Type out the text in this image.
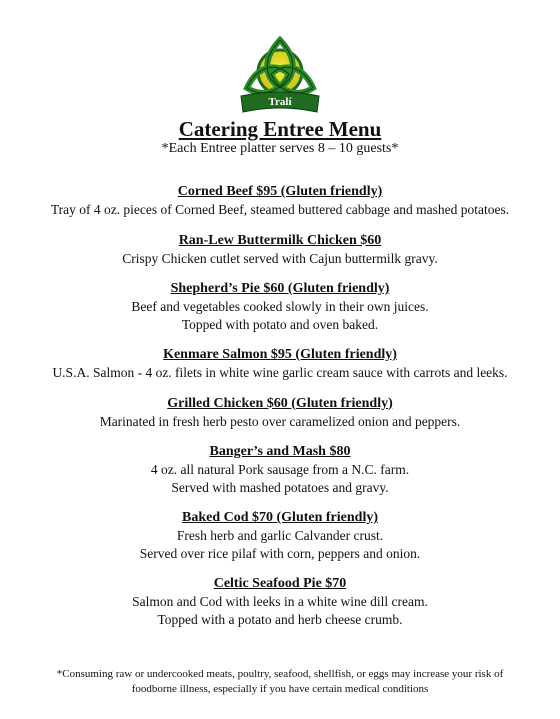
Tralí
Irish Pub
Catering Entree Menu
*Each Entree platter serves 8 – 10 guests*
Corned Beef $95 (Gluten friendly)
Tray of 4 oz. pieces of Corned Beef, steamed buttered cabbage and mashed potatoes.
Ran-Lew Buttermilk Chicken $60
Crispy Chicken cutlet served with Cajun buttermilk gravy.
Shepherd’s Pie $60 (Gluten friendly)
Beef and vegetables cooked slowly in their own juices.
Topped with potato and oven baked.
Kenmare Salmon $95 (Gluten friendly)
U.S.A. Salmon - 4 oz. filets in white wine garlic cream sauce with carrots and leeks.
Grilled Chicken $60 (Gluten friendly)
Marinated in fresh herb pesto over caramelized onion and peppers.
Banger’s and Mash $80
4 oz. all natural Pork sausage from a N.C. farm.
Served with mashed potatoes and gravy.
Baked Cod $70 (Gluten friendly)
Fresh herb and garlic Calvander crust.
Served over rice pilaf with corn, peppers and onion.
Celtic Seafood Pie $70
Salmon and Cod with leeks in a white wine dill cream.
Topped with a potato and herb cheese crumb.
*Consuming raw or undercooked meats, poultry, seafood, shellfish, or eggs may increase your risk of
foodborne illness, especially if you have certain medical conditions
